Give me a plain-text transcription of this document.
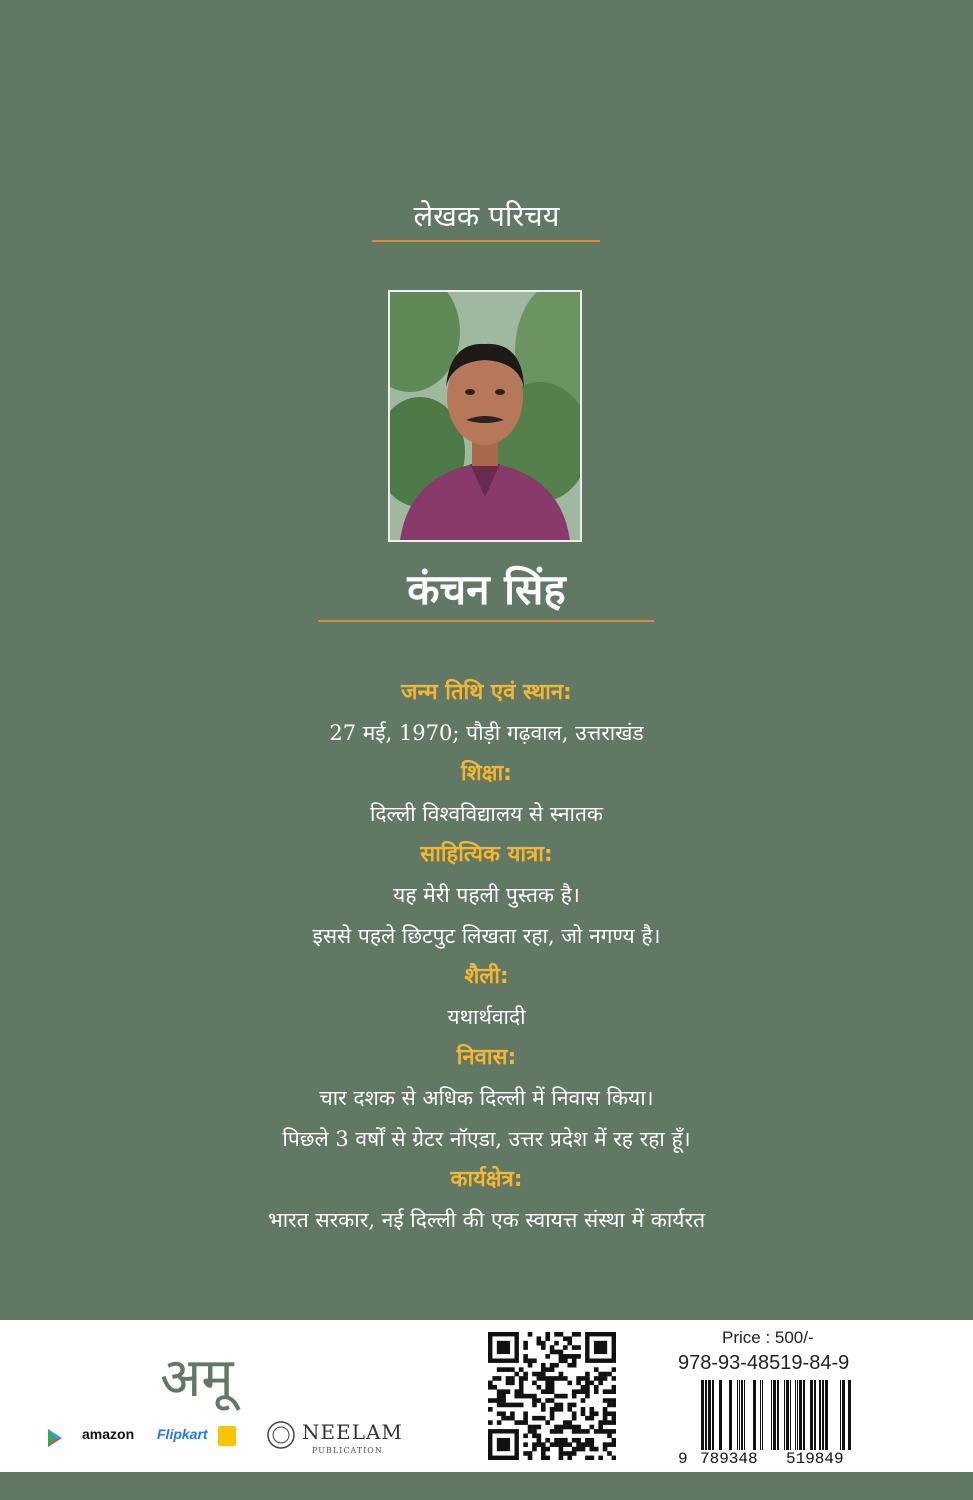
लेखक परिचय
कंचन सिंह
जन्म तिथि एवं स्थान:
27 मई, 1970; पौड़ी गढ़वाल, उत्तराखंड
शिक्षा:
दिल्ली विश्वविद्यालय से स्नातक
साहित्यिक यात्रा:
यह मेरी पहली पुस्तक है।
इससे पहले छिटपुट लिखता रहा, जो नगण्य है।
शैली:
यथार्थवादी
निवास:
चार दशक से अधिक दिल्ली में निवास किया।
पिछले 3 वर्षों से ग्रेटर नॉएडा, उत्तर प्रदेश में रह रहा हूँ।
कार्यक्षेत्र:
भारत सरकार, नई दिल्ली की एक स्वायत्त संस्था में कार्यरत
अमू
amazon Flipkart	NEELAM
PUBLICATION
Price : 500/-
978-93-48519-84-9
9 789348 519849
